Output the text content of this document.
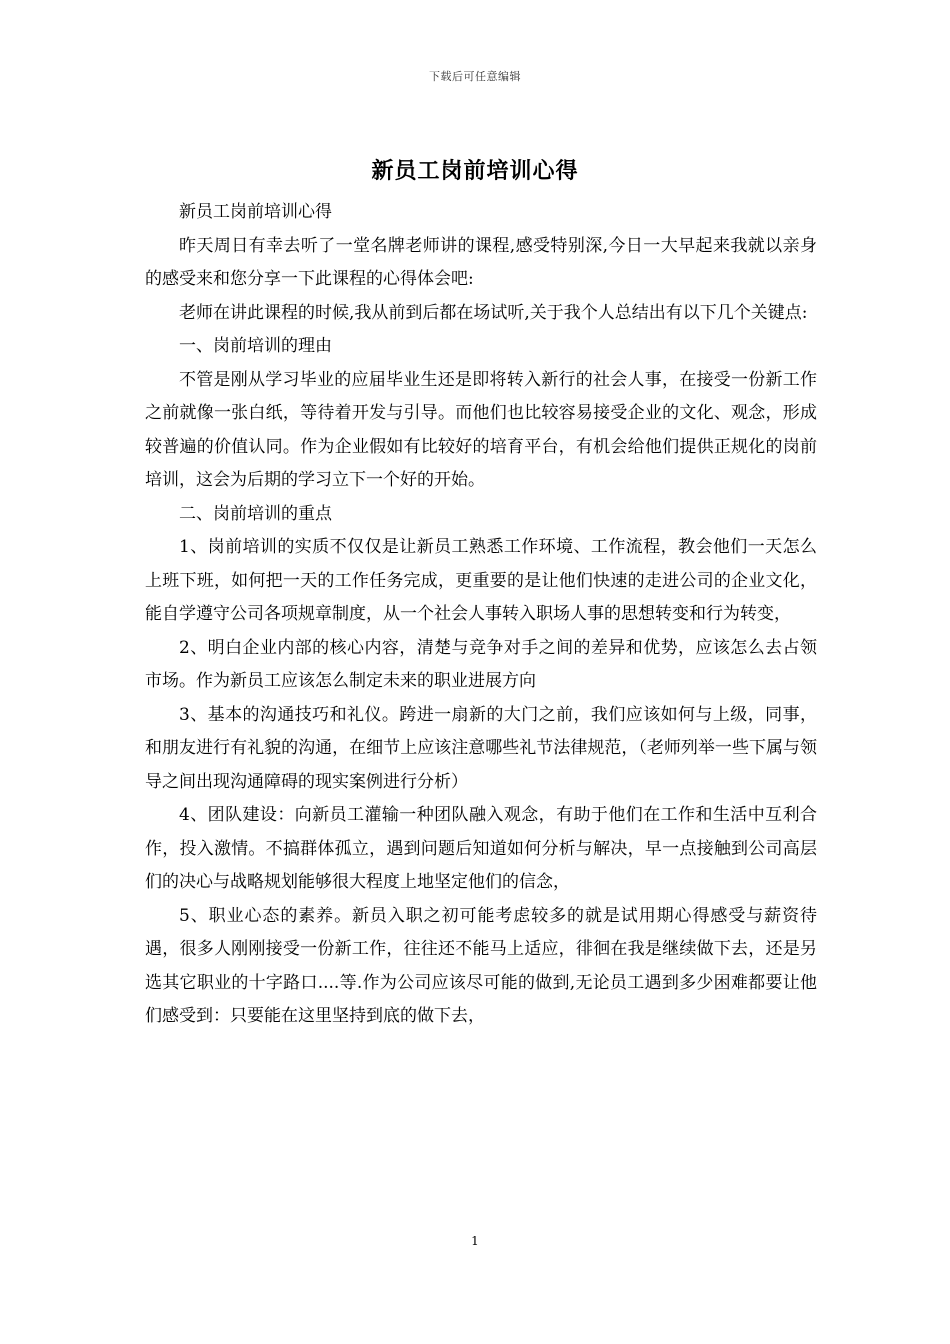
下载后可任意编辑
新员工岗前培训心得

新员工岗前培训心得

昨天周日有幸去听了一堂名牌老师讲的课程,感受特别深,今日一大早起来我就以亲身的感受来和您分享一下此课程的心得体会吧:

老师在讲此课程的时候,我从前到后都在场试听,关于我个人总结出有以下几个关键点:

一、岗前培训的理由

不管是刚从学习毕业的应届毕业生还是即将转入新行的社会人事，在接受一份新工作之前就像一张白纸，等待着开发与引导。而他们也比较容易接受企业的文化、观念，形成较普遍的价值认同。作为企业假如有比较好的培育平台，有机会给他们提供正规化的岗前培训，这会为后期的学习立下一个好的开始。

二、岗前培训的重点

1、岗前培训的实质不仅仅是让新员工熟悉工作环境、工作流程，教会他们一天怎么上班下班，如何把一天的工作任务完成，更重要的是让他们快速的走进公司的企业文化，能自学遵守公司各项规章制度，从一个社会人事转入职场人事的思想转变和行为转变，

2、明白企业内部的核心内容，清楚与竞争对手之间的差异和优势，应该怎么去占领市场。作为新员工应该怎么制定未来的职业进展方向

3、基本的沟通技巧和礼仪。跨进一扇新的大门之前，我们应该如何与上级，同事，和朋友进行有礼貌的沟通，在细节上应该注意哪些礼节法律规范，（老师列举一些下属与领导之间出现沟通障碍的现实案例进行分析）

4、团队建设：向新员工灌输一种团队融入观念，有助于他们在工作和生活中互利合作，投入激情。不搞群体孤立，遇到问题后知道如何分析与解决，早一点接触到公司高层们的决心与战略规划能够很大程度上地坚定他们的信念，

5、职业心态的素养。新员入职之初可能考虑较多的就是试用期心得感受与薪资待遇，很多人刚刚接受一份新工作，往往还不能马上适应，徘徊在我是继续做下去，还是另选其它职业的十字路口....等.作为公司应该尽可能的做到,无论员工遇到多少困难都要让他们感受到：只要能在这里坚持到底的做下去，

1
